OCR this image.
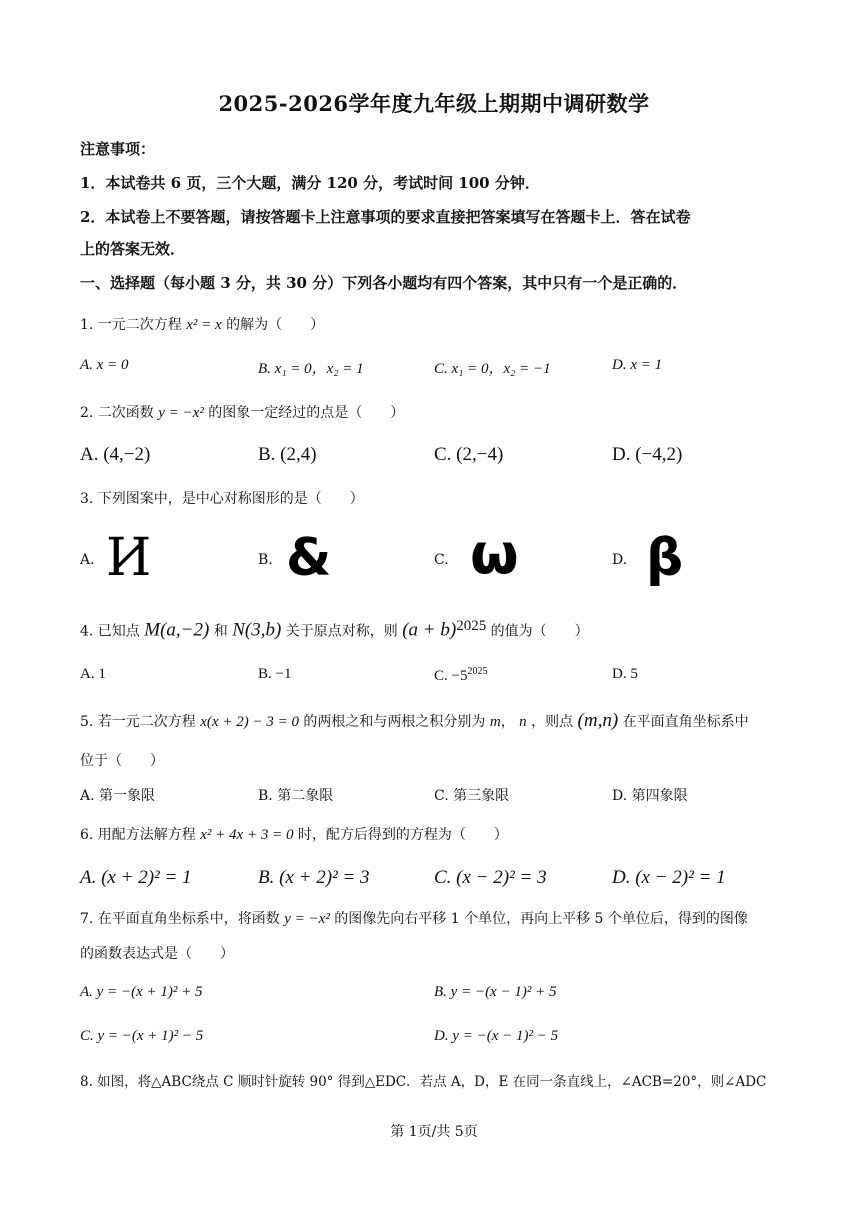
2025-2026学年度九年级上期期中调研数学
注意事项：
1．本试卷共 6 页，三个大题，满分 120 分，考试时间 100 分钟．
2．本试卷上不要答题，请按答题卡上注意事项的要求直接把答案填写在答题卡上．答在试卷
上的答案无效．
一、选择题（每小题 3 分，共 30 分）下列各小题均有四个答案，其中只有一个是正确的．
1. 一元二次方程 x² = x 的解为（　　）
A. x = 0	B. x₁ = 0，x₂ = 1	C. x₁ = 0，x₂ = −1	D. x = 1
2. 二次函数 y = −x² 的图象一定经过的点是（　　）
A. (4,−2)	B. (2,4)	C. (2,−4)	D. (−4,2)
3. 下列图案中，是中心对称图形的是（　　）
A.	B.	C.	D.
И	& ω β
4. 已知点 M(a,−2) 和 N(3,b) 关于原点对称，则 $(a + b)^{2025}$ 的值为（　　）
A. 1	B. −1	C. $-5^{2025}$	D. 5
5. 若一元二次方程 x(x + 2) − 3 = 0 的两根之和与两根之积分别为 m， n ，则点 (m,n) 在平面直角坐标系中
位于（　　）
A. 第一象限	B. 第二象限	C. 第三象限	D. 第四象限
6. 用配方法解方程 x² + 4x + 3 = 0 时，配方后得到的方程为（　　）
A. (x + 2)² = 1	B. (x + 2)² = 3	C. (x − 2)² = 3	D. (x − 2)² = 1
7. 在平面直角坐标系中，将函数 y = −x² 的图像先向右平移 1 个单位，再向上平移 5 个单位后，得到的图像
的函数表达式是（　　）
A. y = −(x + 1)² + 5	B. y = −(x − 1)² + 5
C. y = −(x + 1)² − 5	D. y = −(x − 1)² − 5
8. 如图，将△ABC绕点 C 顺时针旋转 90° 得到△EDC．若点 A，D，E 在同一条直线上，∠ACB=20°，则∠ADC
第 1页/共 5页
